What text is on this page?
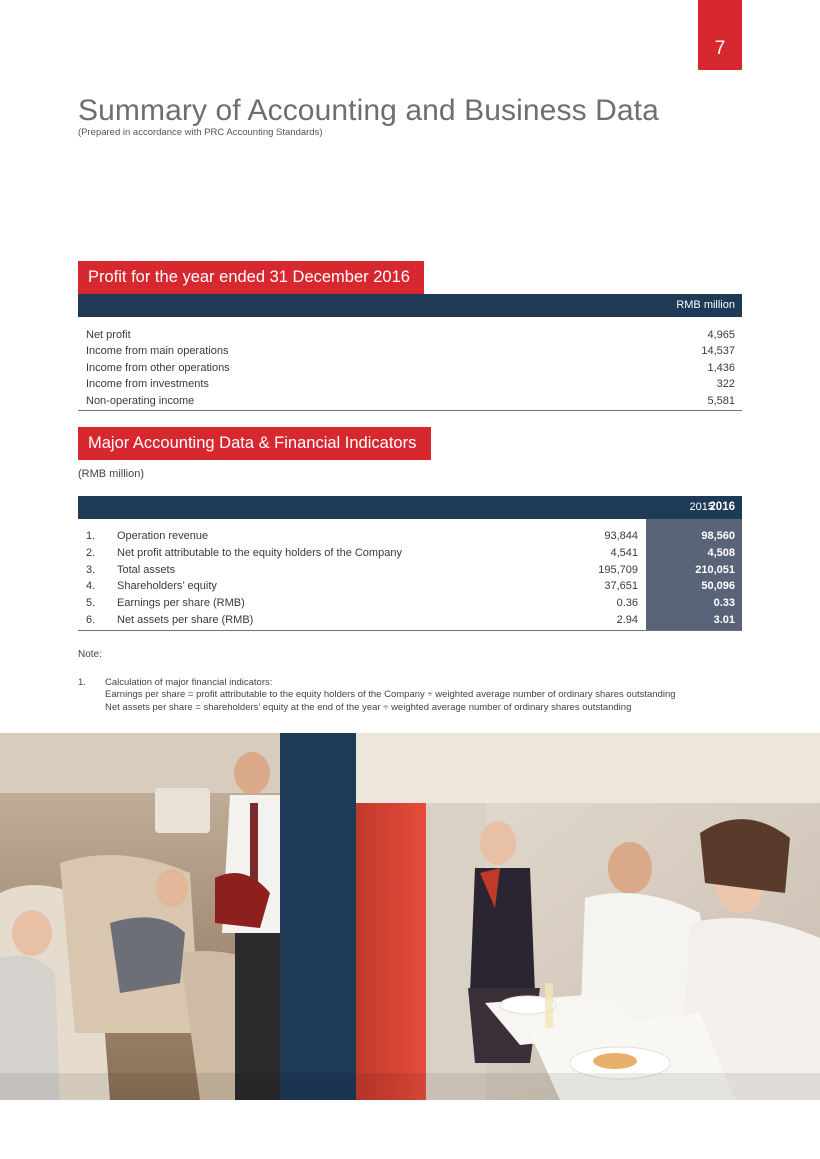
7
Summary of Accounting and Business Data
(Prepared in accordance with PRC Accounting Standards)
Profit for the year ended 31 December 2016
RMB million
Net profit	4,965
Income from main operations	14,537
Income from other operations	1,436
Income from investments	322
Non-operating income	5,581
Major Accounting Data & Financial Indicators
(RMB million)
2015
2016
1. Operation revenue	93,844	98,560
2. Net profit attributable to the equity holders of the Company	4,541	4,508
3. Total assets	195,709	210,051
4. Shareholders’ equity	37,651	50,096
5. Earnings per share (RMB)	0.36	0.33
6. Net assets per share (RMB)	2.94	3.01
Note:
1. Calculation of major financial indicators:
Earnings per share = profit attributable to the equity holders of the Company ÷ weighted average number of ordinary shares outstanding
Net assets per share = shareholders’ equity at the end of the year ÷ weighted average number of ordinary shares outstanding
